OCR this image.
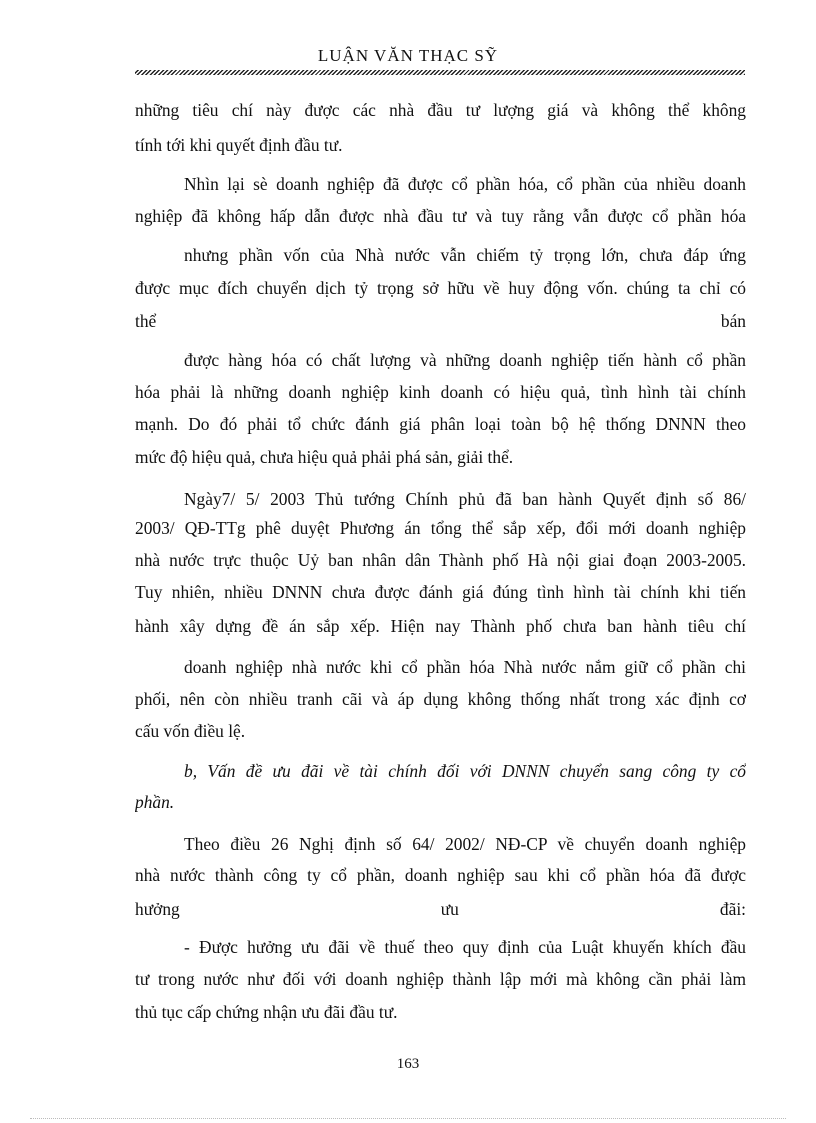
LUẬN VĂN THẠC SỸ
những tiêu chí này được các nhà đầu tư lượng giá và không thể không
tính tới khi quyết định đầu tư.
Nhìn lại sè doanh nghiệp đã được cổ phần hóa, cổ phần của nhiều doanh
nghiệp đã không hấp dẫn được nhà đầu tư và tuy rằng vẫn được cổ phần hóa
nhưng phần vốn của Nhà nước vẫn chiếm tỷ trọng lớn, chưa đáp ứng
được mục đích chuyển dịch tỷ trọng sở hữu về huy động vốn. chúng ta chỉ có
thể bán
được hàng hóa có chất lượng và những doanh nghiệp tiến hành cổ phần
hóa phải là những doanh nghiệp kinh doanh có hiệu quả, tình hình tài chính
mạnh. Do đó phải tổ chức đánh giá phân loại toàn bộ hệ thống DNNN theo
mức độ hiệu quả, chưa hiệu quả phải phá sản, giải thể.
Ngày7/ 5/ 2003 Thủ tướng Chính phủ đã ban hành Quyết định số 86/
2003/ QĐ-TTg phê duyệt Phương án tổng thể sắp xếp, đổi mới doanh nghiệp
nhà nước trực thuộc Uỷ ban nhân dân Thành phố Hà nội giai đoạn 2003-2005.
Tuy nhiên, nhiều DNNN chưa được đánh giá đúng tình hình tài chính khi tiến
hành xây dựng đề án sắp xếp. Hiện nay Thành phố chưa ban hành tiêu chí
doanh nghiệp nhà nước khi cổ phần hóa Nhà nước nắm giữ cổ phần chi
phối, nên còn nhiều tranh cãi và áp dụng không thống nhất trong xác định cơ
cấu vốn điều lệ.
b, Vấn đề ưu đãi về tài chính đối với DNNN chuyển sang công ty cổ
phần.
Theo điều 26 Nghị định số 64/ 2002/ NĐ-CP về chuyển doanh nghiệp
nhà nước thành công ty cổ phần, doanh nghiệp sau khi cổ phần hóa đã được
hưởng ưu đãi:
- Được hưởng ưu đãi về thuế theo quy định của Luật khuyến khích đầu
tư trong nước như đối với doanh nghiệp thành lập mới mà không cần phải làm
thủ tục cấp chứng nhận ưu đãi đầu tư.
163
